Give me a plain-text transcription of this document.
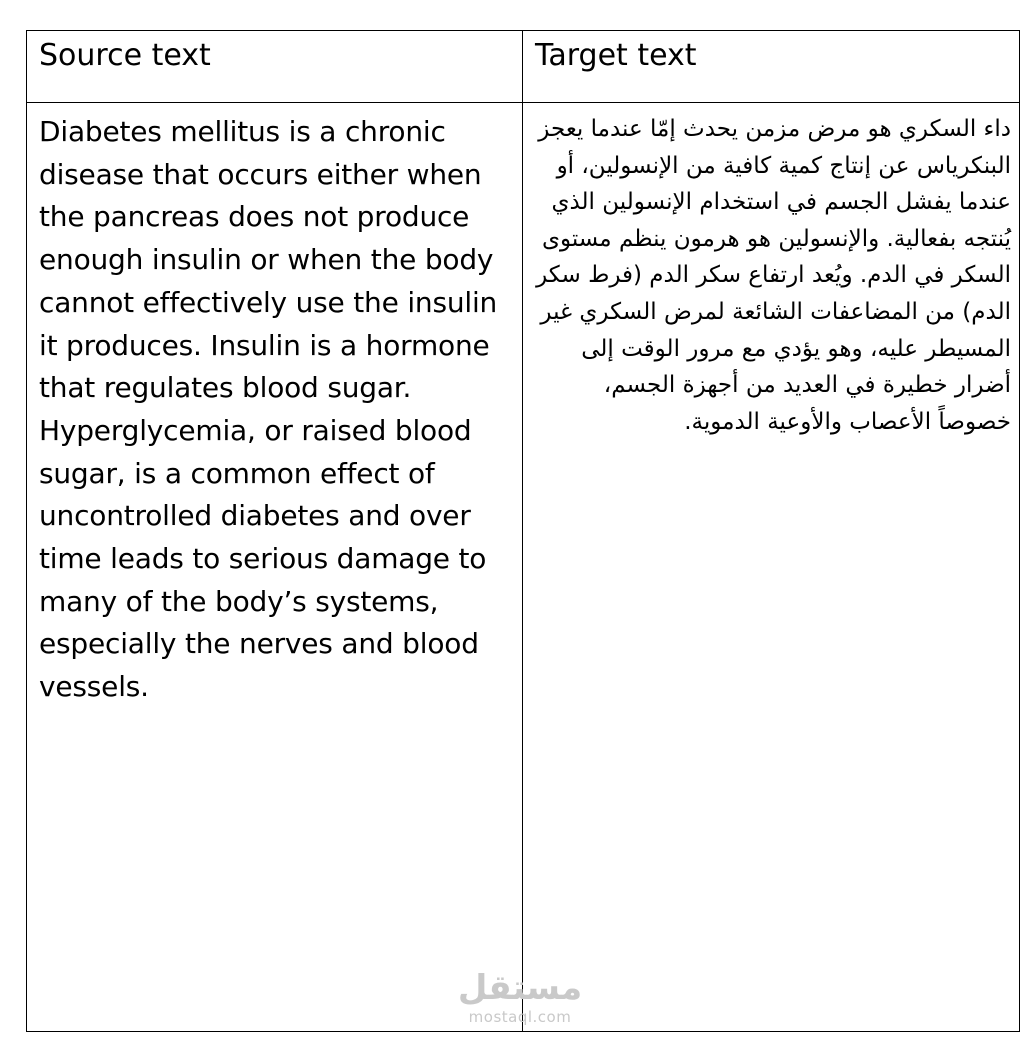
Source text	Target text
Diabetes mellitus is a chronic disease that occurs either when the pancreas does not produce enough insulin or when the body cannot effectively use the insulin it produces. Insulin is a hormone that regulates blood sugar. Hyperglycemia, or raised blood sugar, is a common effect of uncontrolled diabetes and over time leads to serious damage to many of the body’s systems, especially the nerves and blood vessels.
داء السكري هو مرض مزمن يحدث إمّا عندما يعجز البنكرياس عن إنتاج كمية كافية من الإنسولين، أو عندما يفشل الجسم في استخدام الإنسولين الذي يُنتجه بفعالية. والإنسولين هو هرمون ينظم مستوى السكر في الدم. ويُعد ارتفاع سكر الدم (فرط سكر الدم) من المضاعفات الشائعة لمرض السكري غير المسيطر عليه، وهو يؤدي مع مرور الوقت إلى أضرار خطيرة في العديد من أجهزة الجسم، خصوصاً الأعصاب والأوعية الدموية.
مستقل
mostaql.com
